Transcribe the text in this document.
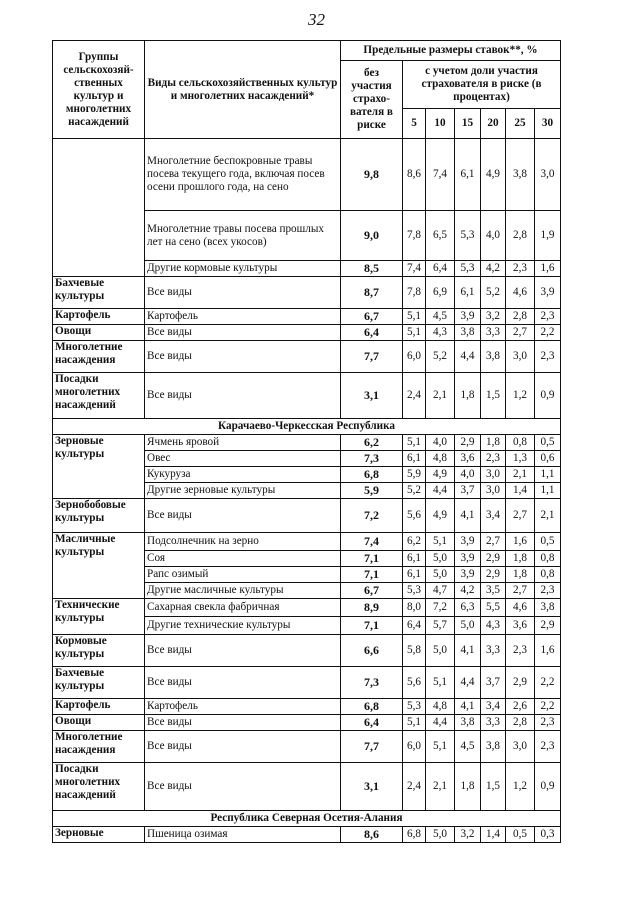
32
Группы сельскохозяй-ственных культур и многолетних насаждений	Виды сельскохозяйственных культур и многолетних насаждений*	Предельные размеры ставок**, %						
		без участия страхо-вателя в риске	с учетом доли участия страхователя в риске (в процентах)					
			5	10	15	20	25	30
	Многолетние беспокровные травы посева текущего года, включая посев осени прошлого года, на сено	9,8	8,6	7,4	6,1	4,9	3,8	3,0
	Многолетние травы посева прошлых лет на сено (всех укосов)	9,0	7,8	6,5	5,3	4,0	2,8	1,9
	Другие кормовые культуры	8,5	7,4	6,4	5,3	4,2	2,3	1,6
Бахчевые культуры	Все виды	8,7	7,8	6,9	6,1	5,2	4,6	3,9
Картофель	Картофель	6,7	5,1	4,5	3,9	3,2	2,8	2,3
Овощи	Все виды	6,4	5,1	4,3	3,8	3,3	2,7	2,2
Многолетние насаждения	Все виды	7,7	6,0	5,2	4,4	3,8	3,0	2,3
Посадки многолетних насаждений	Все виды	3,1	2,4	2,1	1,8	1,5	1,2	0,9
Карачаево-Черкесская Республика								
Зерновые культуры	Ячмень яровой	6,2	5,1	4,0	2,9	1,8	0,8	0,5
	Овес	7,3	6,1	4,8	3,6	2,3	1,3	0,6
	Кукуруза	6,8	5,9	4,9	4,0	3,0	2,1	1,1
	Другие зерновые культуры	5,9	5,2	4,4	3,7	3,0	1,4	1,1
Зернобобовые культуры	Все виды	7,2	5,6	4,9	4,1	3,4	2,7	2,1
Масличные культуры	Подсолнечник на зерно	7,4	6,2	5,1	3,9	2,7	1,6	0,5
	Соя	7,1	6,1	5,0	3,9	2,9	1,8	0,8
	Рапс озимый	7,1	6,1	5,0	3,9	2,9	1,8	0,8
	Другие масличные культуры	6,7	5,3	4,7	4,2	3,5	2,7	2,3
Технические культуры	Сахарная свекла фабричная	8,9	8,0	7,2	6,3	5,5	4,6	3,8
	Другие технические культуры	7,1	6,4	5,7	5,0	4,3	3,6	2,9
Кормовые культуры	Все виды	6,6	5,8	5,0	4,1	3,3	2,3	1,6
Бахчевые культуры	Все виды	7,3	5,6	5,1	4,4	3,7	2,9	2,2
Картофель	Картофель	6,8	5,3	4,8	4,1	3,4	2,6	2,2
Овощи	Все виды	6,4	5,1	4,4	3,8	3,3	2,8	2,3
Многолетние насаждения	Все виды	7,7	6,0	5,1	4,5	3,8	3,0	2,3
Посадки многолетних насаждений	Все виды	3,1	2,4	2,1	1,8	1,5	1,2	0,9
Республика Северная Осетия-Алания								
Зерновые	Пшеница озимая	8,6	6,8	5,0	3,2	1,4	0,5	0,3
